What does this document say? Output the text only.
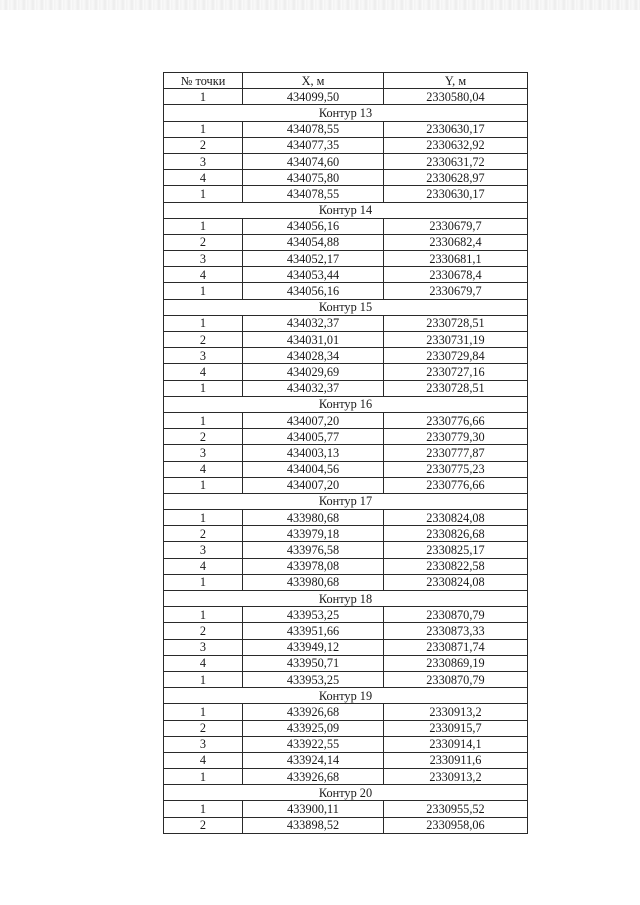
№ точки	X, м	Y, м
1	434099,50	2330580,04
Контур 13		
1	434078,55	2330630,17
2	434077,35	2330632,92
3	434074,60	2330631,72
4	434075,80	2330628,97
1	434078,55	2330630,17
Контур 14		
1	434056,16	2330679,7
2	434054,88	2330682,4
3	434052,17	2330681,1
4	434053,44	2330678,4
1	434056,16	2330679,7
Контур 15		
1	434032,37	2330728,51
2	434031,01	2330731,19
3	434028,34	2330729,84
4	434029,69	2330727,16
1	434032,37	2330728,51
Контур 16		
1	434007,20	2330776,66
2	434005,77	2330779,30
3	434003,13	2330777,87
4	434004,56	2330775,23
1	434007,20	2330776,66
Контур 17		
1	433980,68	2330824,08
2	433979,18	2330826,68
3	433976,58	2330825,17
4	433978,08	2330822,58
1	433980,68	2330824,08
Контур 18		
1	433953,25	2330870,79
2	433951,66	2330873,33
3	433949,12	2330871,74
4	433950,71	2330869,19
1	433953,25	2330870,79
Контур 19		
1	433926,68	2330913,2
2	433925,09	2330915,7
3	433922,55	2330914,1
4	433924,14	2330911,6
1	433926,68	2330913,2
Контур 20		
1	433900,11	2330955,52
2	433898,52	2330958,06
